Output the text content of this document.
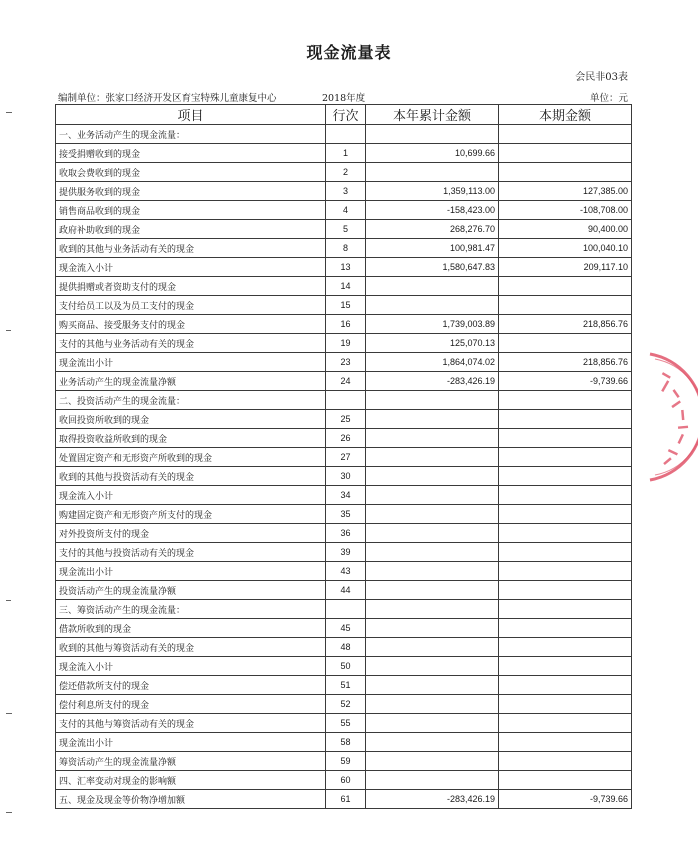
现金流量表
会民非03表
编制单位：张家口经济开发区育宝特殊儿童康复中心	2018年度	单位：元
项目	行次	本年累计金额	本期金额
一、业务活动产生的现金流量：			
接受捐赠收到的现金	1	10,699.66	
收取会费收到的现金	2		
提供服务收到的现金	3	1,359,113.00	127,385.00
销售商品收到的现金	4	-158,423.00	-108,708.00
政府补助收到的现金	5	268,276.70	90,400.00
收到的其他与业务活动有关的现金	8	100,981.47	100,040.10
现金流入小计	13	1,580,647.83	209,117.10
提供捐赠或者资助支付的现金	14		
支付给员工以及为员工支付的现金	15		
购买商品、接受服务支付的现金	16	1,739,003.89	218,856.76
支付的其他与业务活动有关的现金	19	125,070.13	
现金流出小计	23	1,864,074.02	218,856.76
业务活动产生的现金流量净额	24	-283,426.19	-9,739.66
二、投资活动产生的现金流量：			
收回投资所收到的现金	25		
取得投资收益所收到的现金	26		
处置固定资产和无形资产所收到的现金	27		
收到的其他与投资活动有关的现金	30		
现金流入小计	34		
购建固定资产和无形资产所支付的现金	35		
对外投资所支付的现金	36		
支付的其他与投资活动有关的现金	39		
现金流出小计	43		
投资活动产生的现金流量净额	44		
三、筹资活动产生的现金流量：			
借款所收到的现金	45		
收到的其他与筹资活动有关的现金	48		
现金流入小计	50		
偿还借款所支付的现金	51		
偿付利息所支付的现金	52		
支付的其他与筹资活动有关的现金	55		
现金流出小计	58		
筹资活动产生的现金流量净额	59		
四、汇率变动对现金的影响额	60		
五、现金及现金等价物净增加额	61	-283,426.19	-9,739.66
